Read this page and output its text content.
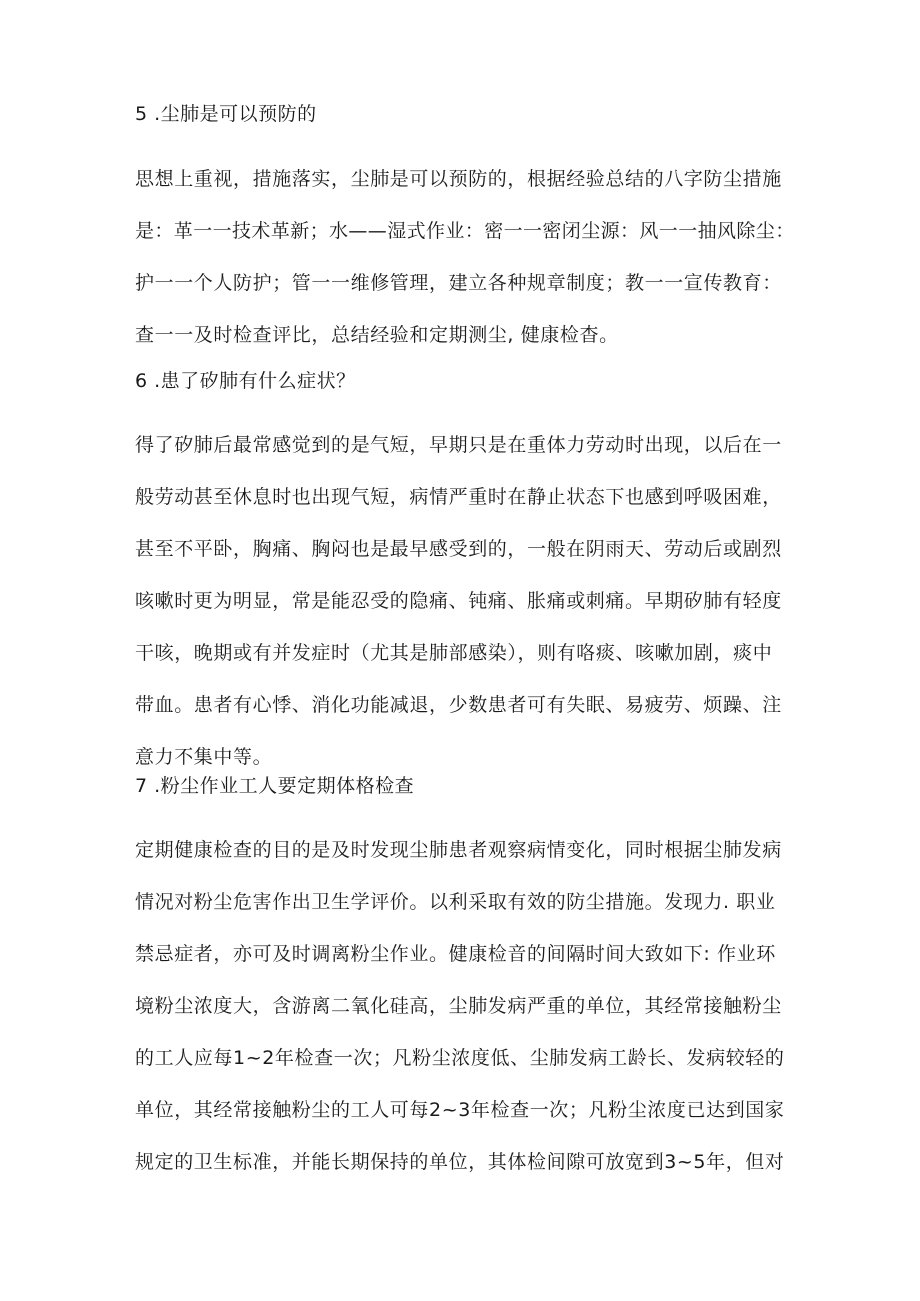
5 .尘肺是可以预防的
思想上重视，措施落实，尘肺是可以预防的，根据经验总结的八字防尘措施
是：革一一技术革新；水——湿式作业：密一一密闭尘源：风一一抽风除尘：
护一一个人防护；管一一维修管理，建立各种规章制度；教一一宣传教育：
查一一及时检查评比，总结经验和定期测尘, 健康检杳。
6 .患了矽肺有什么症状？
得了矽肺后最常感觉到的是气短，早期只是在重体力劳动时出现，以后在一
般劳动甚至休息时也出现气短，病情严重时在静止状态下也感到呼吸困难，
甚至不平卧，胸痛、胸闷也是最早感受到的，一般在阴雨天、劳动后或剧烈
咳嗽时更为明显，常是能忍受的隐痛、钝痛、胀痛或刺痛。早期矽肺有轻度
干咳，晚期或有并发症时（尤其是肺部感染），则有咯痰、咳嗽加剧，痰中
带血。患者有心悸、消化功能减退，少数患者可有失眠、易疲劳、烦躁、注
意力不集中等。
7 .粉尘作业工人要定期体格检查
定期健康检查的目的是及时发现尘肺患者观察病情变化，同时根据尘肺发病
情况对粉尘危害作出卫生学评价。以利采取有效的防尘措施。发现力. 职业
禁忌症者，亦可及时调离粉尘作业。健康检音的间隔时间大致如下: 作业环
境粉尘浓度大，含游离二氧化硅高，尘肺发病严重的单位，其经常接触粉尘
的工人应每1~2年检查一次；凡粉尘浓度低、尘肺发病工龄长、发病较轻的
单位，其经常接触粉尘的工人可每2~3年检查一次；凡粉尘浓度已达到国家
规定的卫生标准，并能长期保持的单位，其体检间隙可放宽到3~5年，但对
